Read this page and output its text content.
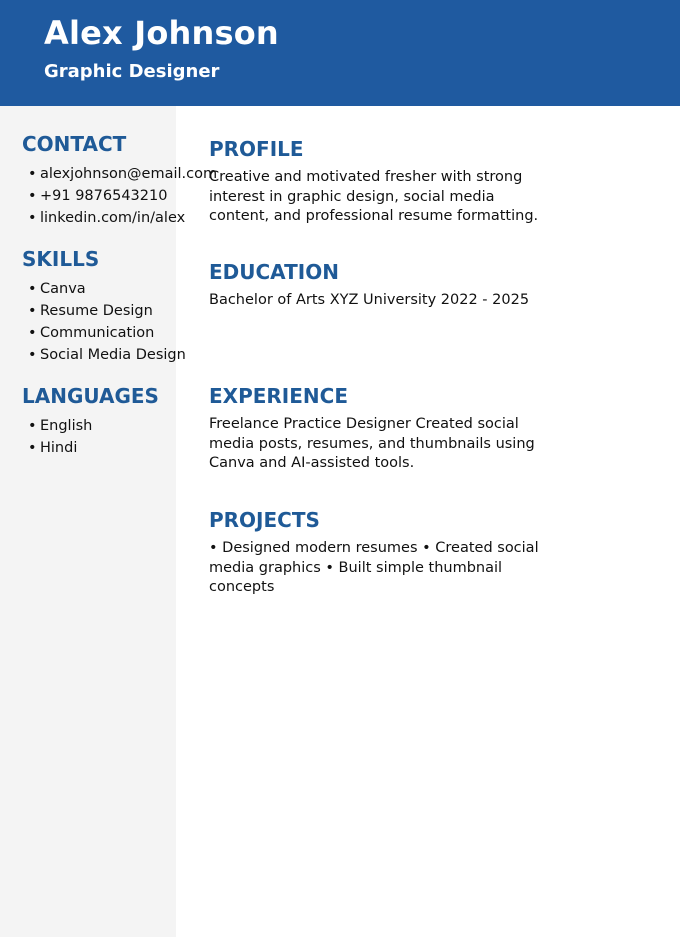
Alex Johnson
Graphic Designer
CONTACT
• alexjohnson@email.com
• +91 9876543210
• linkedin.com/in/alex
SKILLS
• Canva
• Resume Design
• Communication
• Social Media Design
LANGUAGES
• English
• Hindi
PROFILE
Creative and motivated fresher with strong interest in graphic design, social media content, and professional resume formatting.
EDUCATION
Bachelor of Arts XYZ University 2022 - 2025
EXPERIENCE
Freelance Practice Designer Created social media posts, resumes, and thumbnails using Canva and AI-assisted tools.
PROJECTS
• Designed modern resumes • Created social media graphics • Built simple thumbnail concepts
